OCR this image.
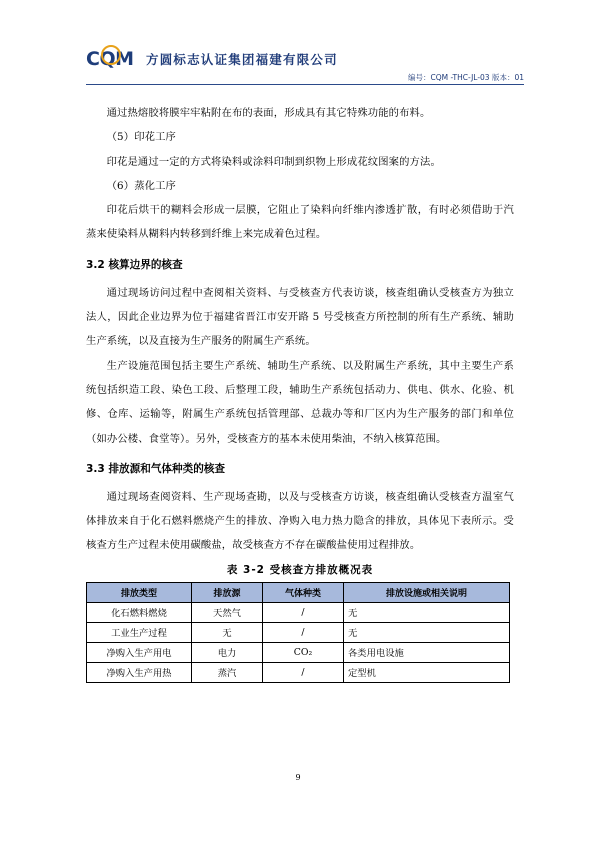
CQM 方圆标志认证集团福建有限公司
编号：CQM -THC-JL-03 版本：01

通过热熔胶将膜牢牢粘附在布的表面，形成具有其它特殊功能的布料。

（5）印花工序

印花是通过一定的方式将染料或涂料印制到织物上形成花纹图案的方法。

（6）蒸化工序

印花后烘干的糊料会形成一层膜，它阻止了染料向纤维内渗透扩散，有时必须借助于汽蒸来使染料从糊料内转移到纤维上来完成着色过程。

3.2 核算边界的核查

通过现场访问过程中查阅相关资料、与受核查方代表访谈，核查组确认受核查方为独立法人，因此企业边界为位于福建省晋江市安开路 5 号受核查方所控制的所有生产系统、辅助生产系统，以及直接为生产服务的附属生产系统。

生产设施范围包括主要生产系统、辅助生产系统、以及附属生产系统，其中主要生产系统包括织造工段、染色工段、后整理工段，辅助生产系统包括动力、供电、供水、化验、机修、仓库、运输等，附属生产系统包括管理部、总裁办等和厂区内为生产服务的部门和单位（如办公楼、食堂等）。另外，受核查方的基本未使用柴油，不纳入核算范围。

3.3 排放源和气体种类的核查

通过现场查阅资料、生产现场查勘，以及与受核查方访谈，核查组确认受核查方温室气体排放来自于化石燃料燃烧产生的排放、净购入电力热力隐含的排放，具体见下表所示。受核查方生产过程未使用碳酸盐，故受核查方不存在碳酸盐使用过程排放。

表 3-2 受核查方排放概况表
排放类型	排放源	气体种类	排放设施或相关说明
化石燃料燃烧	天然气	/	无
工业生产过程	无	/	无
净购入生产用电	电力	CO₂	各类用电设施
净购入生产用热	蒸汽	/	定型机
9
